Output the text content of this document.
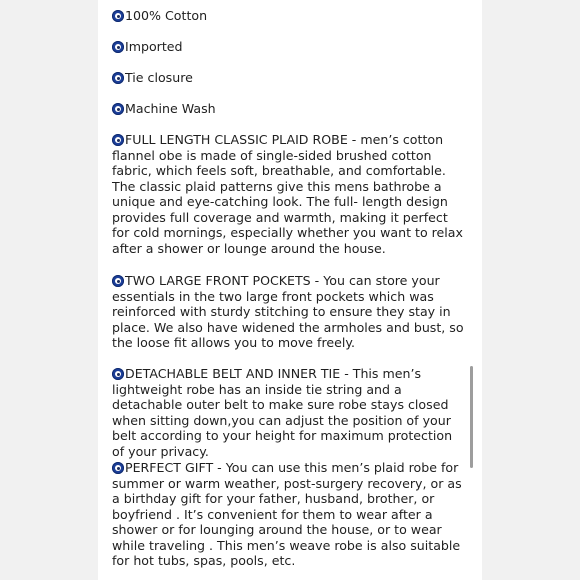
100% Cotton
Imported
Tie closure
Machine Wash
FULL LENGTH CLASSIC PLAID ROBE - men’s cotton flannel obe is made of single-sided brushed cotton fabric, which feels soft, breathable, and comfortable. The classic plaid patterns give this mens bathrobe a unique and eye-catching look. The full- length design provides full coverage and warmth, making it perfect for cold mornings, especially whether you want to relax after a shower or lounge around the house.
TWO LARGE FRONT POCKETS - You can store your essentials in the two large front pockets which was reinforced with sturdy stitching to ensure they stay in place. We also have widened the armholes and bust, so the loose fit allows you to move freely.
DETACHABLE BELT AND INNER TIE - This men’s lightweight robe has an inside tie string and a detachable outer belt to make sure robe stays closed when sitting down,you can adjust the position of your belt according to your height for maximum protection of your privacy.
PERFECT GIFT - You can use this men’s plaid robe for summer or warm weather, post-surgery recovery, or as a birthday gift for your father, husband, brother, or boyfriend . It’s convenient for them to wear after a shower or for lounging around the house, or to wear while traveling . This men’s weave robe is also suitable for hot tubs, spas, pools, etc.
